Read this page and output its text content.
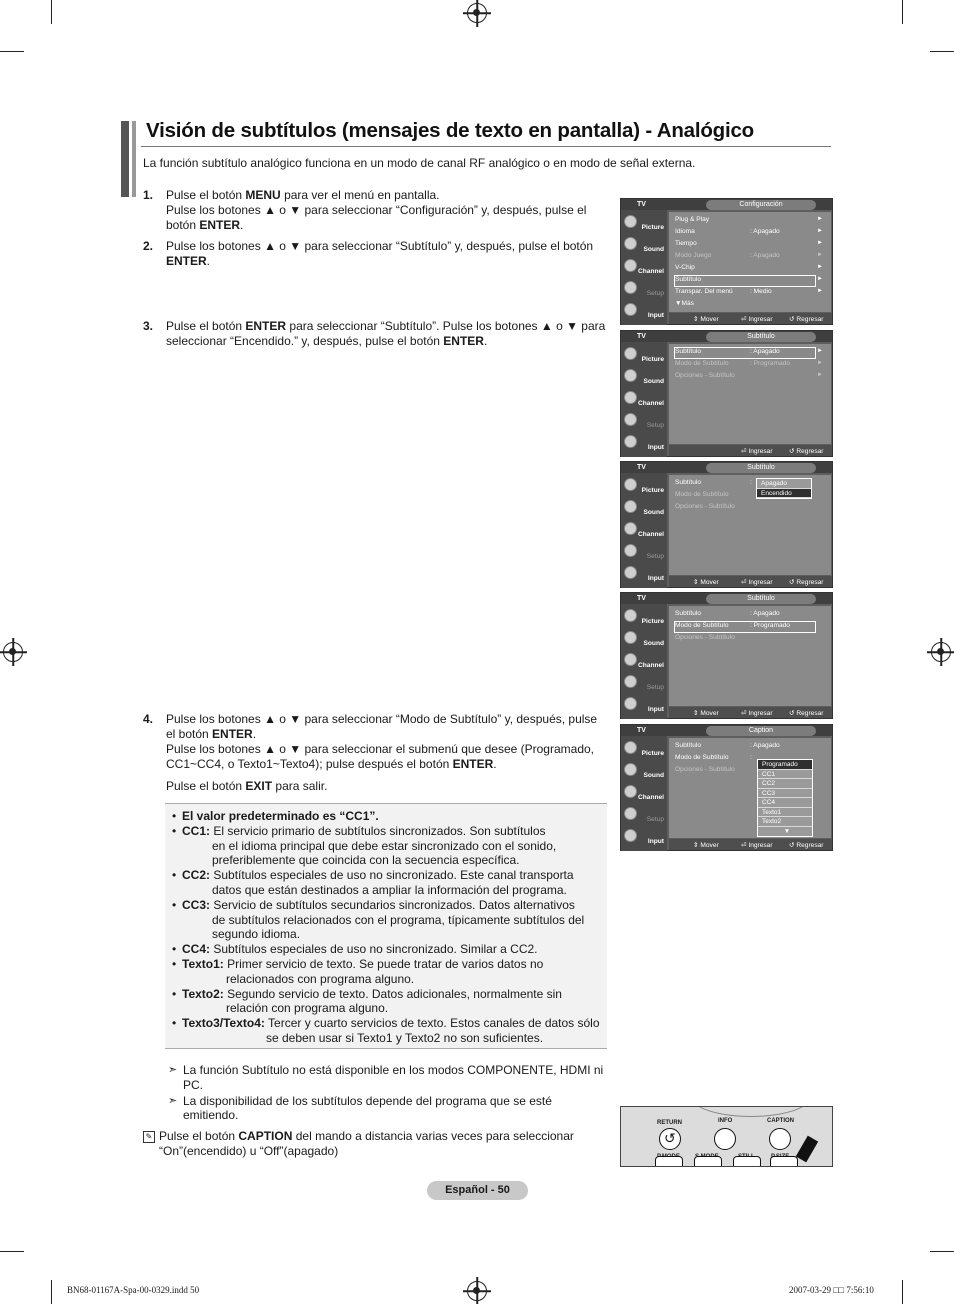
Visión de subtítulos (mensajes de texto en pantalla) - Analógico
La función subtítulo analógico funciona en un modo de canal RF analógico o en modo de señal externa.
1. Pulse el botón MENU para ver el menú en pantalla.
Pulse los botones ▲ o ▼ para seleccionar “Configuración” y, después, pulse el
botón ENTER.
2. Pulse los botones ▲ o ▼ para seleccionar “Subtítulo” y, después, pulse el botón
ENTER.
3. Pulse el botón ENTER para seleccionar “Subtítulo”. Pulse los botones ▲ o ▼ para
seleccionar “Encendido.” y, después, pulse el botón ENTER.
4. Pulse los botones ▲ o ▼ para seleccionar “Modo de Subtítulo” y, después, pulse
el botón ENTER.
Pulse los botones ▲ o ▼ para seleccionar el submenú que desee (Programado,
CC1~CC4, o Texto1~Texto4); pulse después el botón ENTER.
Pulse el botón EXIT para salir.
• El valor predeterminado es “CC1”.
• CC1: El servicio primario de subtítulos sincronizados. Son subtítulos
en el idioma principal que debe estar sincronizado con el sonido,
preferiblemente que coincida con la secuencia específica.
• CC2: Subtítulos especiales de uso no sincronizado. Este canal transporta
datos que están destinados a ampliar la información del programa.
• CC3: Servicio de subtítulos secundarios sincronizados. Datos alternativos
de subtítulos relacionados con el programa, típicamente subtítulos del
segundo idioma.
• CC4: Subtítulos especiales de uso no sincronizado. Similar a CC2.
• Texto1: Primer servicio de texto. Se puede tratar de varios datos no
relacionados con programa alguno.
• Texto2: Segundo servicio de texto. Datos adicionales, normalmente sin
relación con programa alguno.
• Texto3/Texto4: Tercer y cuarto servicios de texto. Estos canales de datos sólo
se deben usar si Texto1 y Texto2 no son suficientes.
➣ La función Subtítulo no está disponible en los modos COMPONENTE, HDMI ni
PC.
➣ La disponibilidad de los subtítulos depende del programa que se esté
emitiendo.
✎ Pulse el botón CAPTION del mando a distancia varias veces para seleccionar
“On”(encendido) u “Off”(apagado)
Español - 50
BN68-01167A-Spa-00-0329.indd 50	2007-03-29 □□ 7:56:10
TV	Configuración
Picture
Sound
Channel
Setup
Input
Plug & Play	►
Idioma	: Apagado	►
Tiempo	►
Modo Juego	: Apagado	►
V-Chip	►
Subtítulo	►
Transpar. Del menú	: Medio	►
▼Más
⇕ Mover	⏎ Ingresar ↺ Regresar
TV	Subtítulo
Picture
Sound
Channel
Setup
Input
Subtítulo	: Apagado	►
Modo de Subtítulo	: Programado	►
Opciones - Subtítulo	►
⏎ Ingresar ↺ Regresar
TV	Subtítulo
Picture
Sound
Channel
Setup
Input
Subtítulo	:
Modo de Subtítulo
Opciones - Subtítulo
Apagado
Encendido
⇕ Mover	⏎ Ingresar ↺ Regresar
TV	Subtítulo
Picture
Sound
Channel
Setup
Input
Subtítulo	: Apagado
Modo de Subtítulo	: Programado
Opciones - Subtítulo
⇕ Mover	⏎ Ingresar ↺ Regresar
TV	Caption
Picture
Sound
Channel
Setup
Input
Subtítulo	: Apagado
Modo de Subtítulo	:
Opciones - Subtítulo
Programado
CC1
CC2
CC3
CC4
Texto1
Texto2
▼
⇕ Mover	⏎ Ingresar ↺ Regresar
RETURN	INFO	CAPTION
↺
